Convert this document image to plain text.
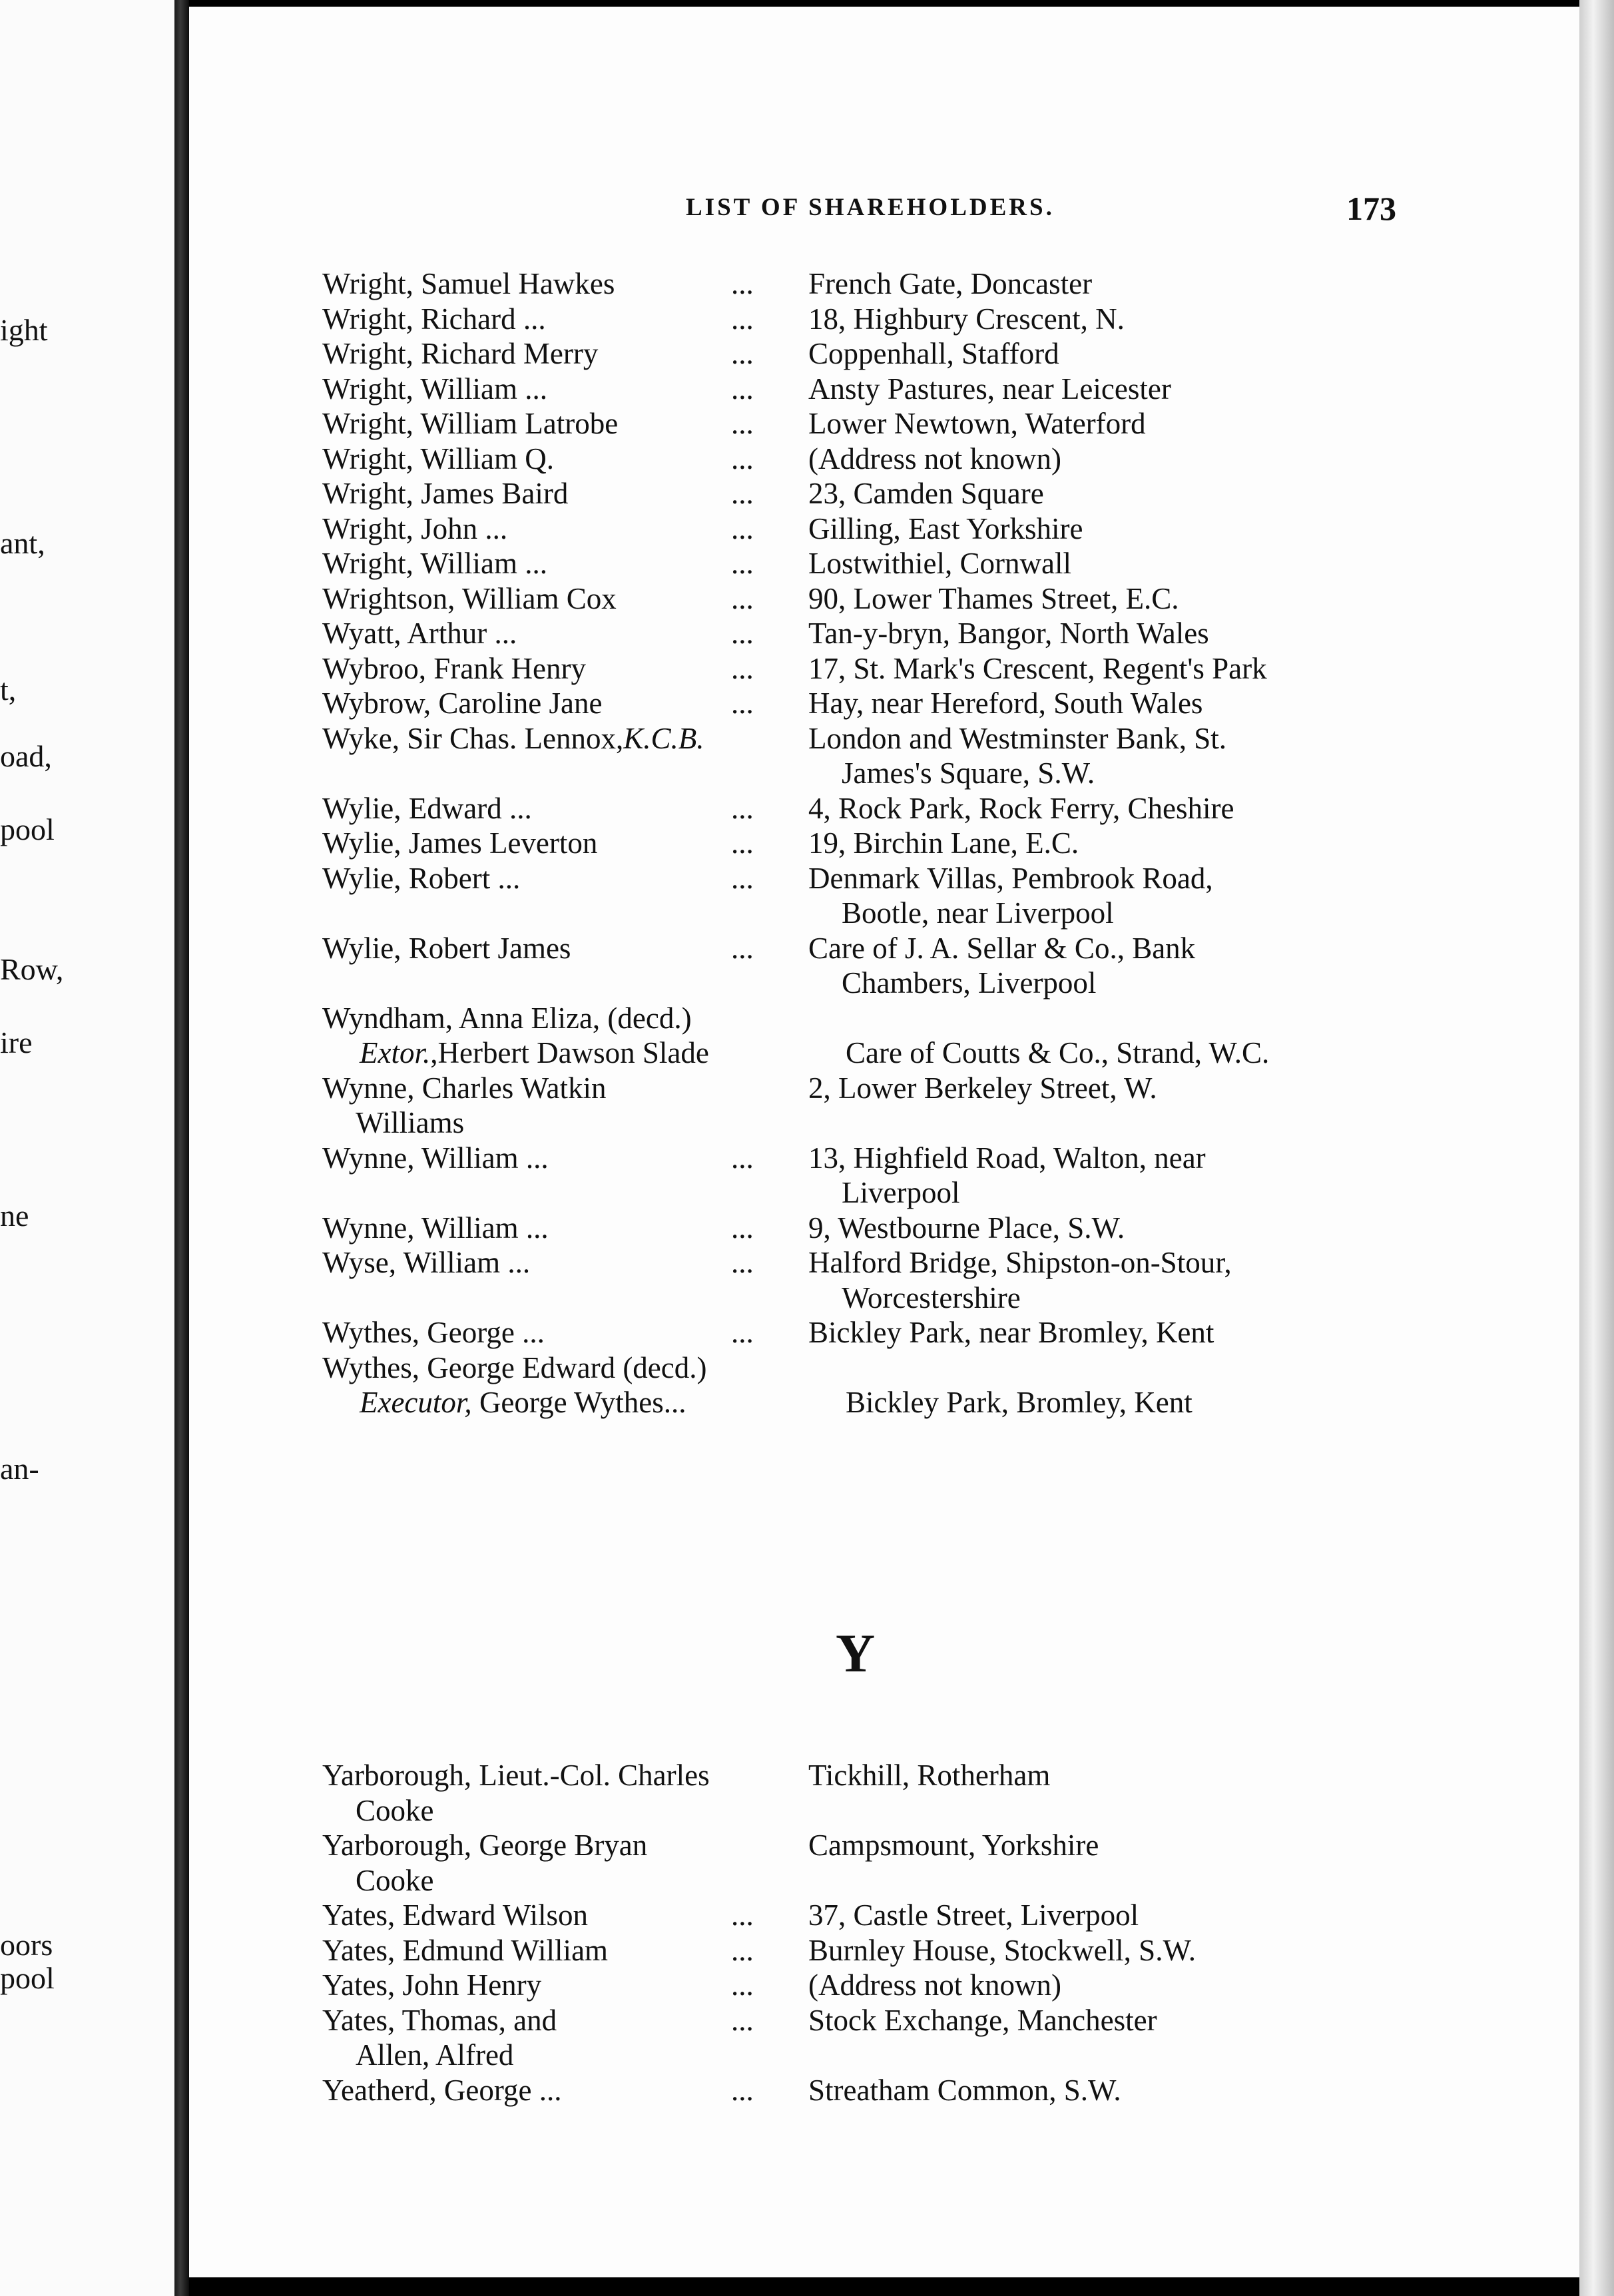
ight
ant,
t,
oad,
pool
Row,
ire
ne
an-
oors
pool
LIST OF SHAREHOLDERS.	173
Wright, Samuel Hawkes	... French Gate, Doncaster
Wright, Richard ...	... 18, Highbury Crescent, N.
Wright, Richard Merry	... Coppenhall, Stafford
Wright, William ...	... Ansty Pastures, near Leicester
Wright, William Latrobe	... Lower Newtown, Waterford
Wright, William Q.	... (Address not known)
Wright, James Baird	... 23, Camden Square
Wright, John ...	... Gilling, East Yorkshire
Wright, William ...	... Lostwithiel, Cornwall
Wrightson, William Cox	... 90, Lower Thames Street, E.C.
Wyatt, Arthur ...	... Tan-y-bryn, Bangor, North Wales
Wybroo, Frank Henry	... 17, St. Mark's Crescent, Regent's Park
Wybrow, Caroline Jane	... Hay, near Hereford, South Wales
Wyke, Sir Chas. Lennox,K.C.B.	London and Westminster Bank, St.
James's Square, S.W.
Wylie, Edward ...	... 4, Rock Park, Rock Ferry, Cheshire
Wylie, James Leverton	... 19, Birchin Lane, E.C.
Wylie, Robert ...	... Denmark Villas, Pembrook Road,
Bootle, near Liverpool
Wylie, Robert James	... Care of J. A. Sellar & Co., Bank
Chambers, Liverpool
Wyndham, Anna Eliza, (decd.)
Extor.,Herbert Dawson Slade	Care of Coutts & Co., Strand, W.C.
Wynne, Charles Watkin	2, Lower Berkeley Street, W.
Williams
Wynne, William ...	... 13, Highfield Road, Walton, near
Liverpool
Wynne, William ...	... 9, Westbourne Place, S.W.
Wyse, William ...	... Halford Bridge, Shipston-on-Stour,
Worcestershire
Wythes, George ...	... Bickley Park, near Bromley, Kent
Wythes, George Edward (decd.)
Executor, George Wythes...	Bickley Park, Bromley, Kent
Y
Yarborough, Lieut.-Col. Charles	Tickhill, Rotherham
Cooke
Yarborough, George Bryan	Campsmount, Yorkshire
Cooke
Yates, Edward Wilson	... 37, Castle Street, Liverpool
Yates, Edmund William	... Burnley House, Stockwell, S.W.
Yates, John Henry	... (Address not known)
Yates, Thomas, and	... Stock Exchange, Manchester
Allen, Alfred
Yeatherd, George ...	... Streatham Common, S.W.
